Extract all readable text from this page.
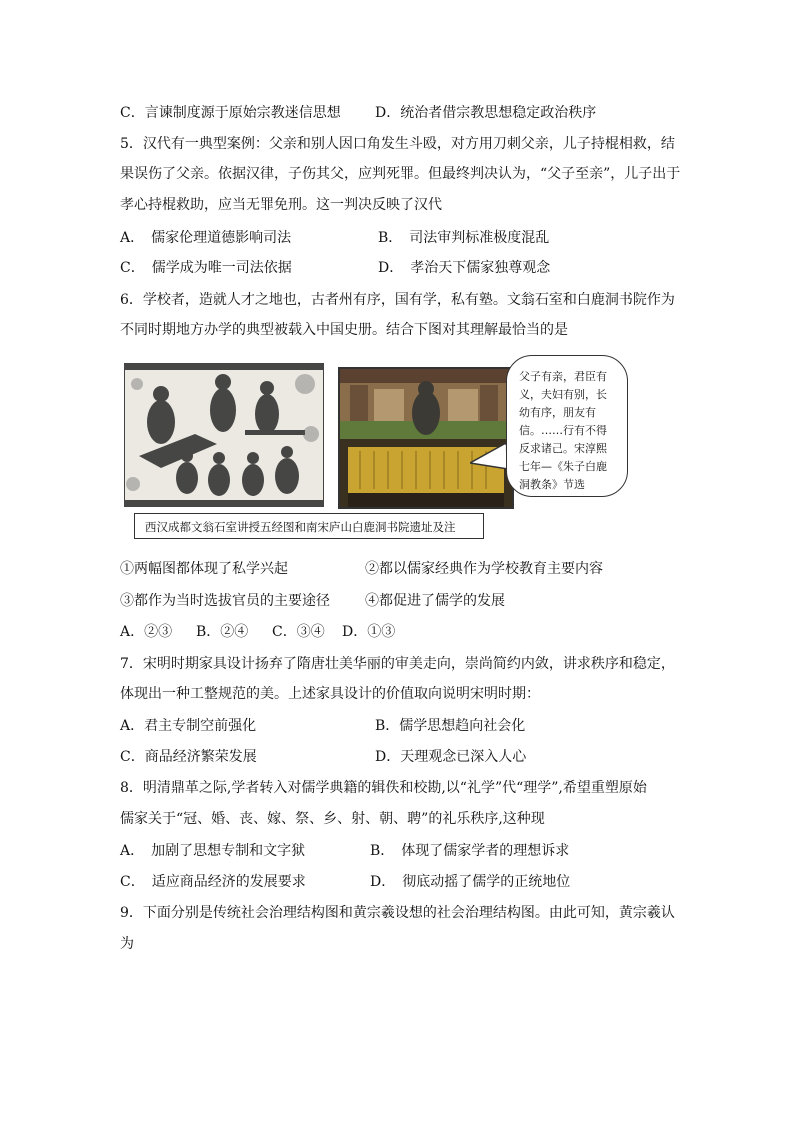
C．言谏制度源于原始宗教迷信思想 D．统治者借宗教思想稳定政治秩序
5．汉代有一典型案例：父亲和别人因口角发生斗殴，对方用刀刺父亲，儿子持棍相救，结
果误伤了父亲。依据汉律，子伤其父，应判死罪。但最终判决认为，“父子至亲”，儿子出于
孝心持棍救助，应当无罪免刑。这一判决反映了汉代
A．　儒家伦理道德影响司法	B．　司法审判标准极度混乱
C．　儒学成为唯一司法依据	D．　孝治天下儒家独尊观念
6．学校者，造就人才之地也，古者州有序，国有学，私有塾。文翁石室和白鹿洞书院作为
不同时期地方办学的典型被载入中国史册。结合下图对其理解最恰当的是
父子有亲，君臣有义，夫妇有别，长幼有序，朋友有信。……行有不得反求诸己。宋淳熙七年—《朱子白鹿洞教条》节选
西汉成都文翁石室讲授五经图和南宋庐山白鹿洞书院遗址及注
①两幅图都体现了私学兴起	②都以儒家经典作为学校教育主要内容
③都作为当时选拔官员的主要途径	④都促进了儒学的发展
A．②③ B．②④ C．③④ D．①③
7．宋明时期家具设计扬弃了隋唐壮美华丽的审美走向，崇尚简约内敛，讲求秩序和稳定，
体现出一种工整规范的美。上述家具设计的价值取向说明宋明时期：
A．君主专制空前强化	B．儒学思想趋向社会化
C．商品经济繁荣发展	D．天理观念已深入人心
8．明清鼎革之际,学者转入对儒学典籍的辑佚和校勘,以“礼学”代“理学”,希望重塑原始
儒家关于“冠、婚、丧、嫁、祭、乡、射、朝、聘”的礼乐秩序,这种现
A．　加剧了思想专制和文字狱	B．　体现了儒家学者的理想诉求
C．　适应商品经济的发展要求	D．　彻底动摇了儒学的正统地位
9．下面分别是传统社会治理结构图和黄宗羲设想的社会治理结构图。由此可知，黄宗羲认
为
